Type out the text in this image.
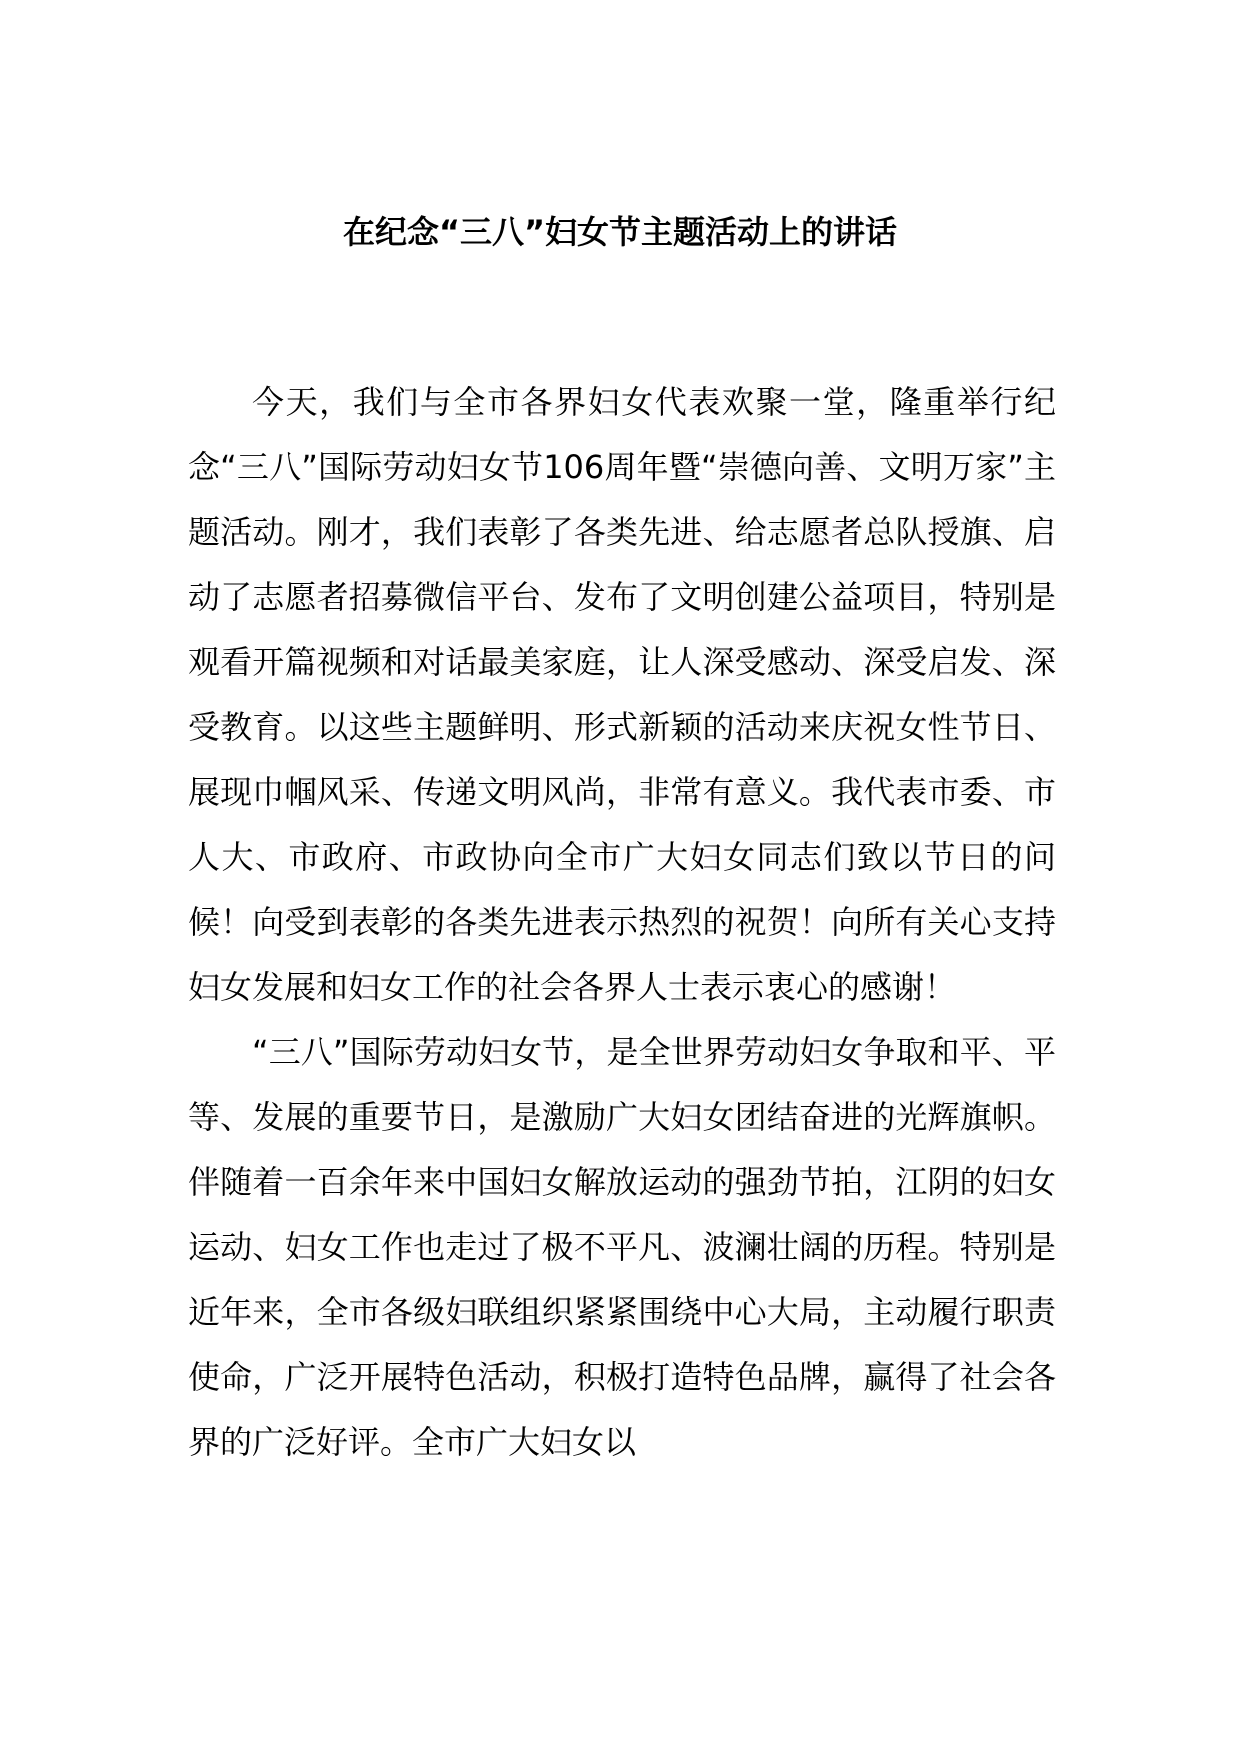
在纪念“三八”妇女节主题活动上的讲话

今天，我们与全市各界妇女代表欢聚一堂，隆重举行纪念“三八”国际劳动妇女节106周年暨“崇德向善、文明万家”主题活动。刚才，我们表彰了各类先进、给志愿者总队授旗、启动了志愿者招募微信平台、发布了文明创建公益项目，特别是观看开篇视频和对话最美家庭，让人深受感动、深受启发、深受教育。以这些主题鲜明、形式新颖的活动来庆祝女性节日、展现巾帼风采、传递文明风尚，非常有意义。我代表市委、市人大、市政府、市政协向全市广大妇女同志们致以节日的问候！向受到表彰的各类先进表示热烈的祝贺！向所有关心支持妇女发展和妇女工作的社会各界人士表示衷心的感谢！

“三八”国际劳动妇女节，是全世界劳动妇女争取和平、平等、发展的重要节日，是激励广大妇女团结奋进的光辉旗帜。伴随着一百余年来中国妇女解放运动的强劲节拍，江阴的妇女运动、妇女工作也走过了极不平凡、波澜壮阔的历程。特别是近年来，全市各级妇联组织紧紧围绕中心大局，主动履行职责使命，广泛开展特色活动，积极打造特色品牌，赢得了社会各界的广泛好评。全市广大妇女以
